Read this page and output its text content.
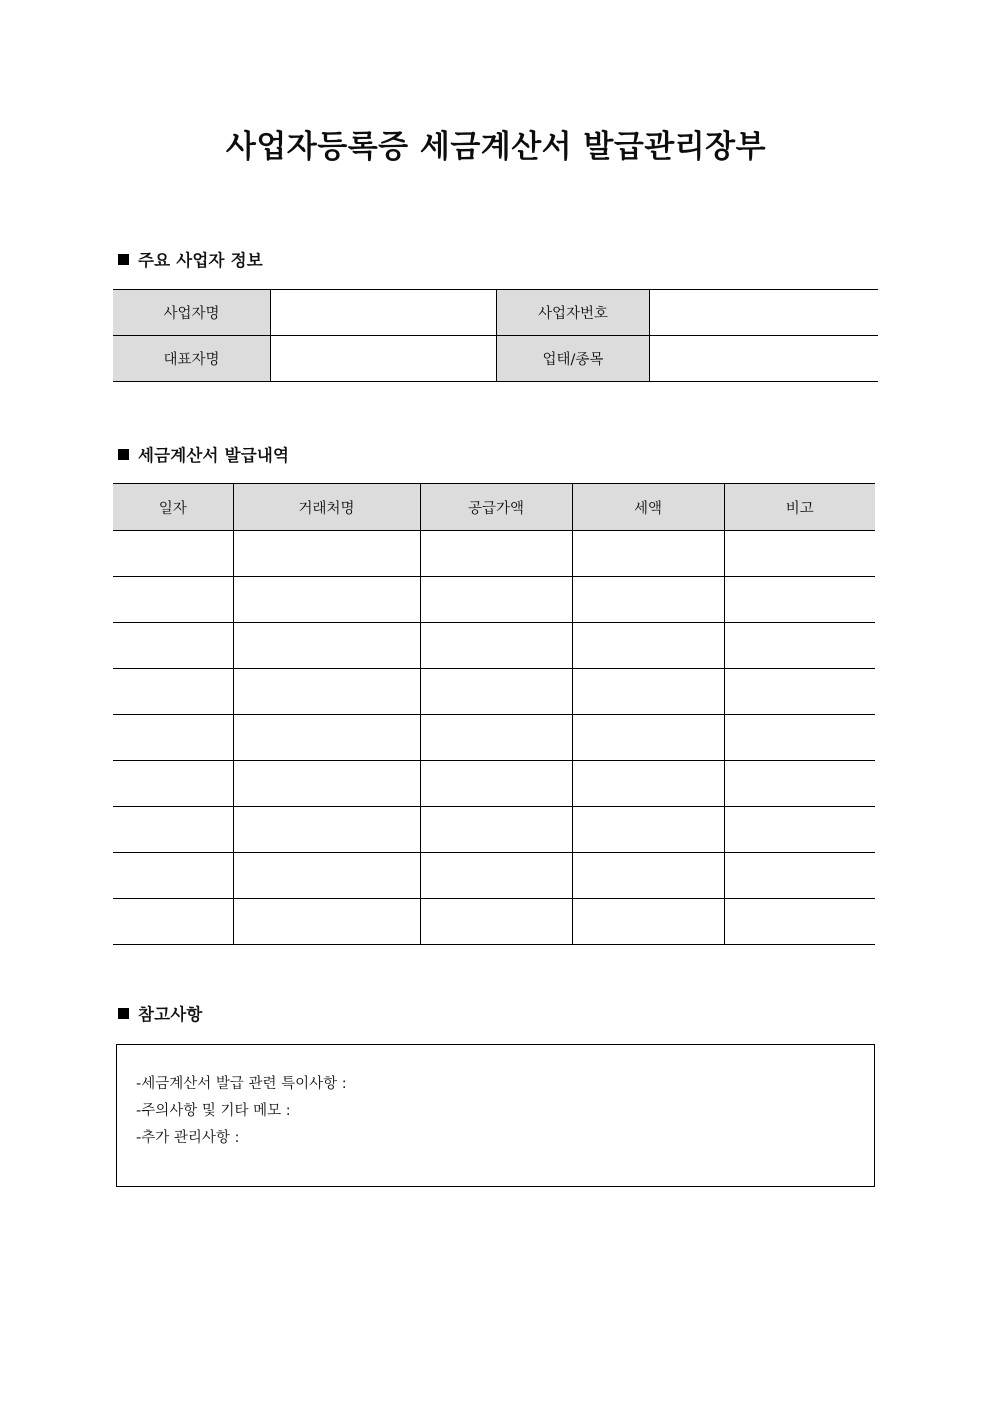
사업자등록증 세금계산서 발급관리장부
주요 사업자 정보
사업자명		사업자번호	
대표자명		업태/종목	
세금계산서 발급내역
일자	거래처명	공급가액	세액	비고

참고사항
-세금계산서 발급 관련 특이사항 :
-주의사항 및 기타 메모 :
-추가 관리사항 :
